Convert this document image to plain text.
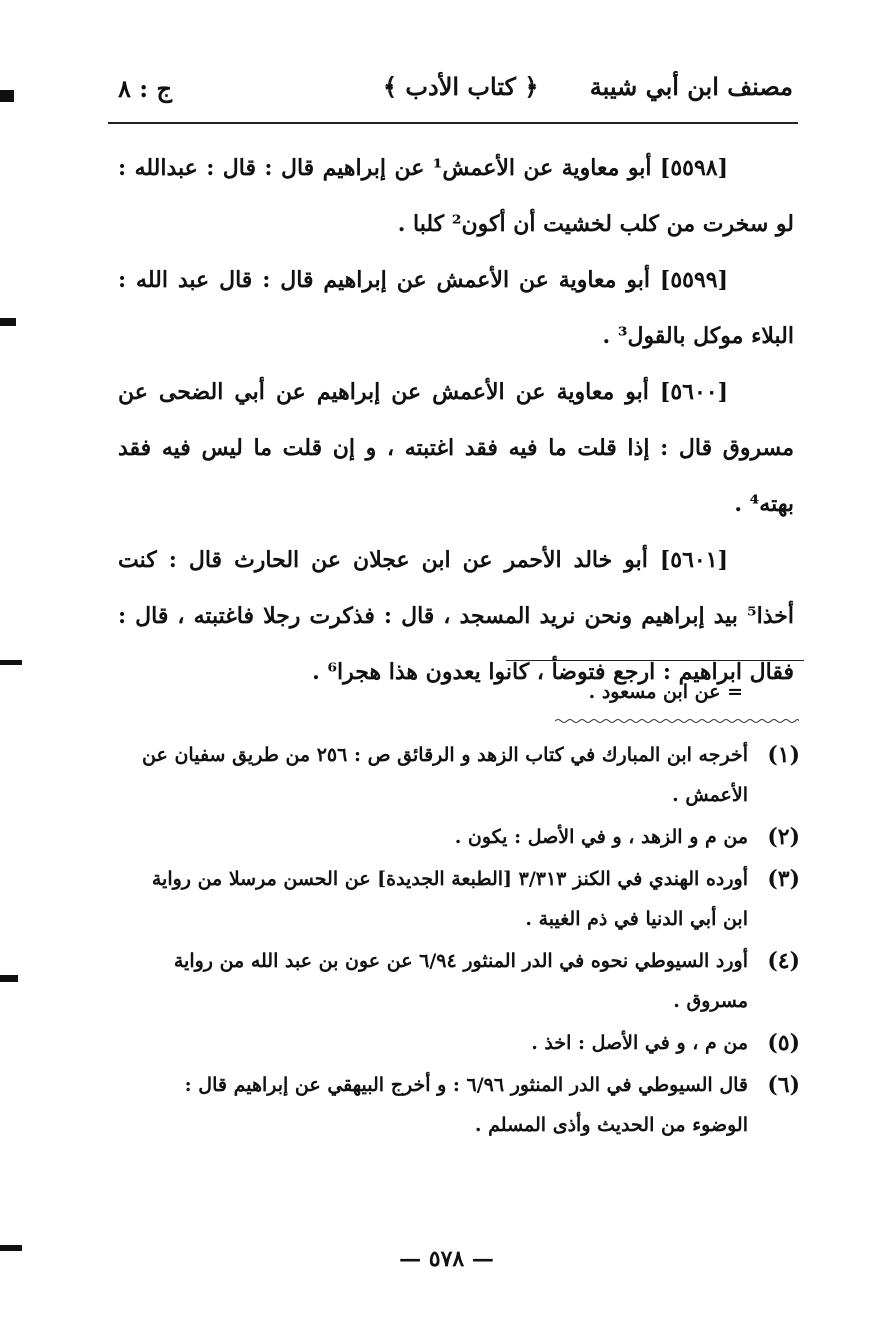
مصنف ابن أبي شيبة
﴿ كتاب الأدب ﴾
ج : ٨

[٥٥٩٨] أبو معاوية عن الأعمش¹ عن إبراهيم قال : قال : عبدالله : لو سخرت من كلب لخشيت أن أكون² كلبا .

[٥٥٩٩] أبو معاوية عن الأعمش عن إبراهيم قال : قال عبد الله : البلاء موكل بالقول³ .

[٥٦٠٠] أبو معاوية عن الأعمش عن إبراهيم عن أبي الضحى عن مسروق قال : إذا قلت ما فيه فقد اغتبته ، و إن قلت ما ليس فيه فقد بهته⁴ .

[٥٦٠١] أبو خالد الأحمر عن ابن عجلان عن الحارث قال : كنت أخذا⁵ بيد إبراهيم ونحن نريد المسجد ، قال : فذكرت رجلا فاغتبته ، قال : فقال ابراهيم : ارجع فتوضأ ، كانوا يعدون هذا هجرا⁶ .

= عن ابن مسعود .
(١)
أخرجه ابن المبارك في كتاب الزهد و الرقائق ص : ٢٥٦ من طريق سفيان عن الأعمش .
(٢)
من م و الزهد ، و في الأصل : يكون .
(٣)
أورده الهندي في الكنز ٣/٣١٣ [الطبعة الجديدة] عن الحسن مرسلا من رواية ابن أبي الدنيا في ذم الغيبة .
(٤)
أورد السيوطي نحوه في الدر المنثور ٦/٩٤ عن عون بن عبد الله من رواية مسروق .
(٥)
من م ، و في الأصل : اخذ .
(٦)
قال السيوطي في الدر المنثور ٦/٩٦ : و أخرج البيهقي عن إبراهيم قال : الوضوء من الحديث وأذى المسلم .
— ٥٧٨ —
